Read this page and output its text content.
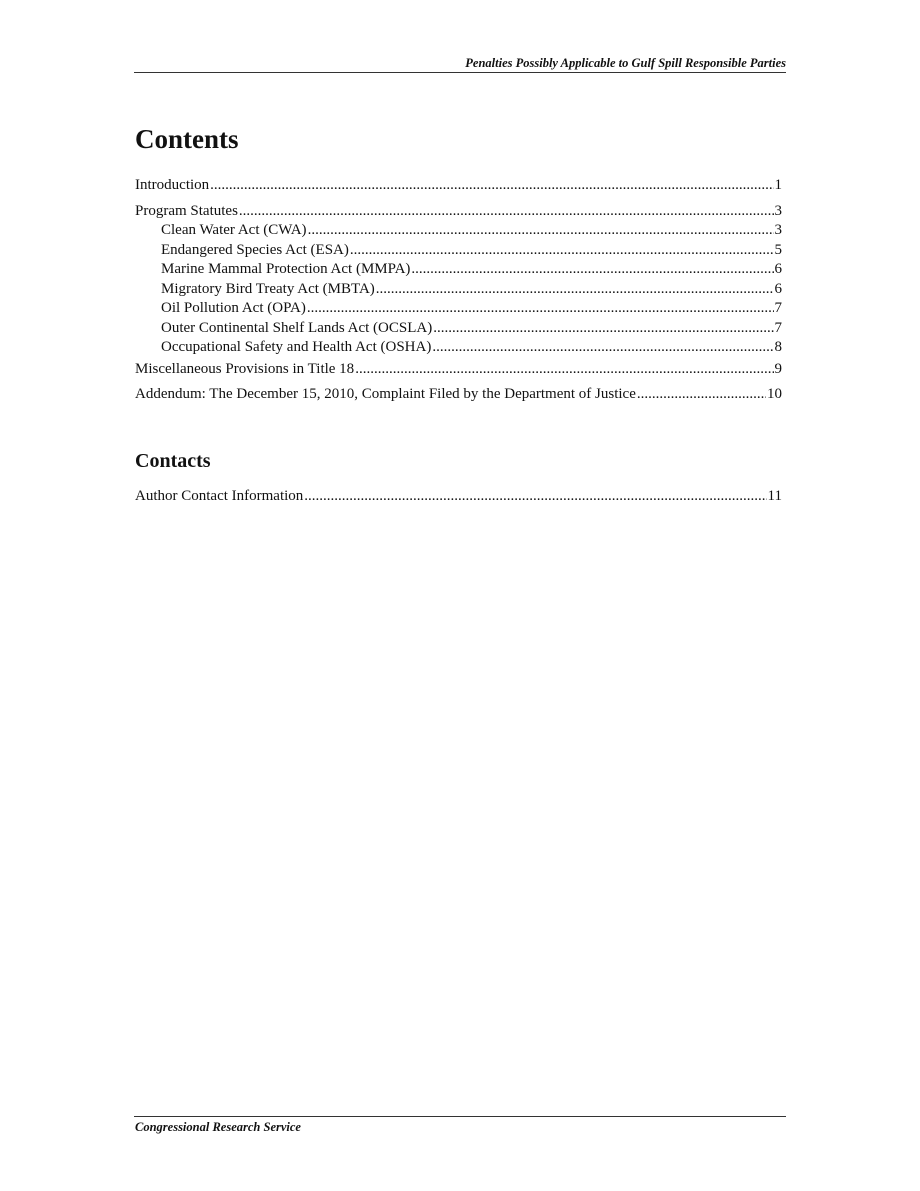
Penalties Possibly Applicable to Gulf Spill Responsible Parties
Contents
Introduction .....	1
Program Statutes .....	3
Clean Water Act (CWA) .....	3
Endangered Species Act (ESA) .....	5
Marine Mammal Protection Act (MMPA) .....	6
Migratory Bird Treaty Act (MBTA) .....	6
Oil Pollution Act (OPA) .....	7
Outer Continental Shelf Lands Act (OCSLA) .....	7
Occupational Safety and Health Act (OSHA) .....	8
Miscellaneous Provisions in Title 18 .....	9
Addendum: The December 15, 2010, Complaint Filed by the Department of Justice .....	10
Contacts
Author Contact Information .....	11
Congressional Research Service
